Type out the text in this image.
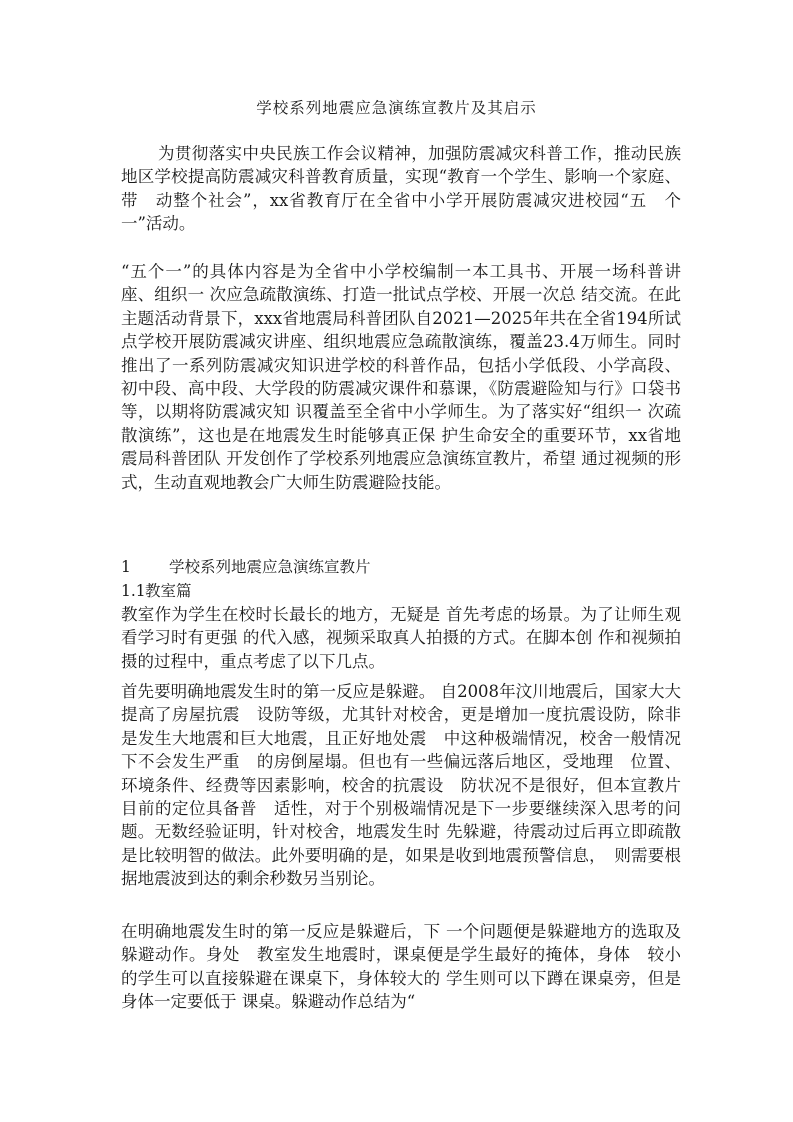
学校系列地震应急演练宣教片及其启示
为贯彻落实中央民族工作会议精神，加强防震减灾科普工作，推动民族地区学校提高防震减灾科普教育质量，实现“教育一个学生、影响一个家庭、带　动整个社会”，xx省教育厅在全省中小学开展防震减灾进校园“五　个一”活动。
“五个一”的具体内容是为全省中小学校编制一本工具书、开展一场科普讲座、组织一 次应急疏散演练、打造一批试点学校、开展一次总 结交流。在此主题活动背景下，xxx省地震局科普团队自2021—2025年共在全省194所试点学校开展防震减灾讲座、组织地震应急疏散演练，覆盖23.4万师生。同时推出了一系列防震减灾知识进学校的科普作品，包括小学低段、小学高段、 初中段、高中段、大学段的防震减灾课件和慕课，《防震避险知与行》口袋书等，以期将防震减灾知 识覆盖至全省中小学师生。为了落实好“组织一 次疏散演练”，这也是在地震发生时能够真正保 护生命安全的重要环节，xx省地震局科普团队 开发创作了学校系列地震应急演练宣教片，希望 通过视频的形式，生动直观地教会广大师生防震避险技能。
1 学校系列地震应急演练宣教片
1.1教室篇
教室作为学生在校时长最长的地方，无疑是 首先考虑的场景。为了让师生观看学习时有更强 的代入感，视频采取真人拍摄的方式。在脚本创 作和视频拍摄的过程中，重点考虑了以下几点。
首先要明确地震发生时的第一反应是躲避。 自2008年汶川地震后，国家大大提高了房屋抗震　设防等级，尤其针对校舍，更是增加一度抗震设防，除非是发生大地震和巨大地震，且正好地处震　中这种极端情况，校舍一般情况下不会发生严重　的房倒屋塌。但也有一些偏远落后地区，受地理　位置、环境条件、经费等因素影响，校舍的抗震设　防状况不是很好，但本宣教片目前的定位具备普　适性，对于个别极端情况是下一步要继续深入思考的问题。无数经验证明，针对校舍，地震发生时 先躲避，待震动过后再立即疏散是比较明智的做法。此外要明确的是，如果是收到地震预警信息，　则需要根据地震波到达的剩余秒数另当别论。
在明确地震发生时的第一反应是躲避后，下 一个问题便是躲避地方的选取及躲避动作。身处　教室发生地震时，课桌便是学生最好的掩体，身体　较小的学生可以直接躲避在课桌下，身体较大的 学生则可以下蹲在课桌旁，但是身体一定要低于 课桌。躲避动作总结为“
